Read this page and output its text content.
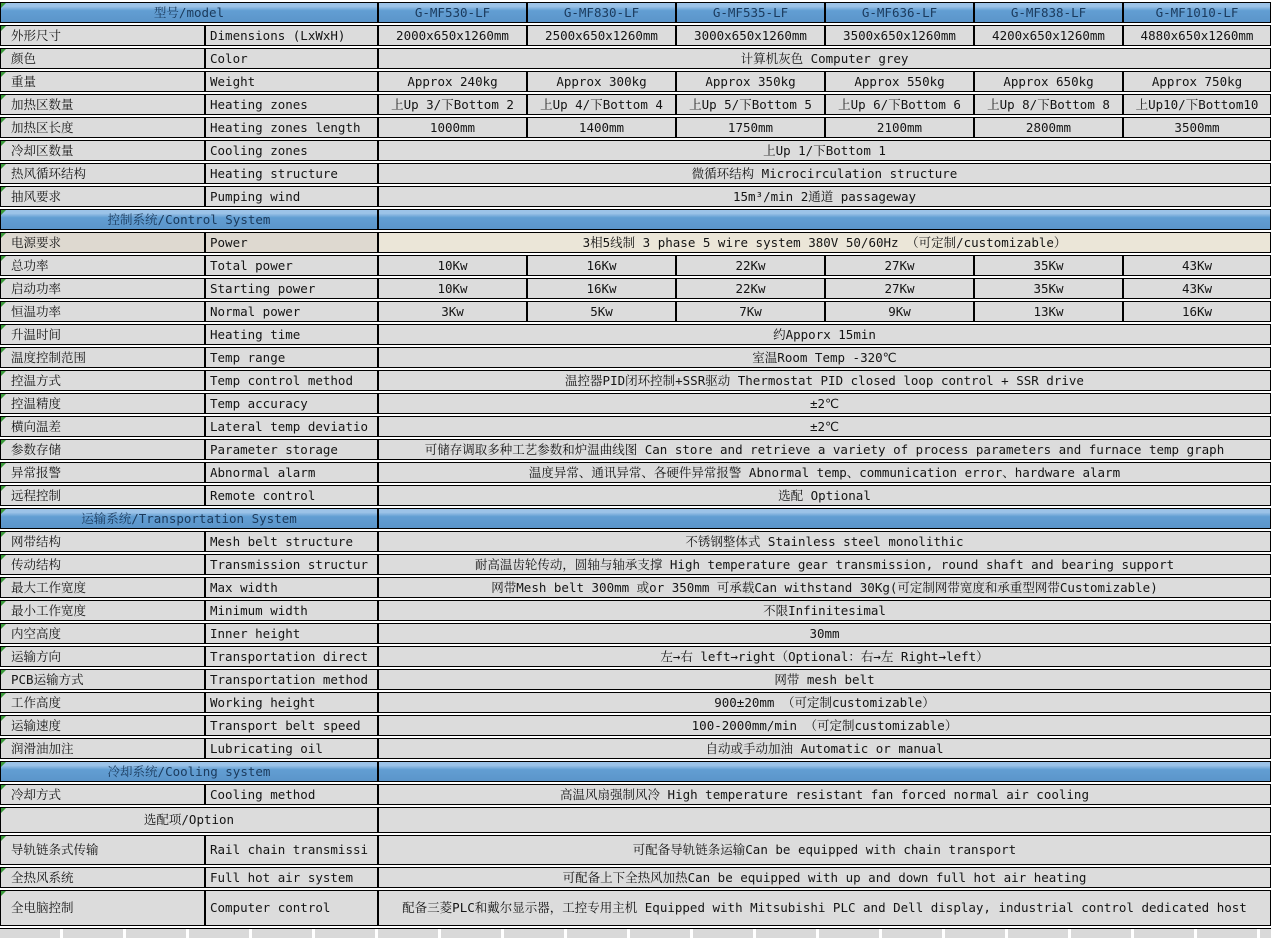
型号/model		G-MF530-LF	G-MF830-LF	G-MF535-LF	G-MF636-LF	G-MF838-LF	G-MF1010-LF
外形尺寸	Dimensions (LxWxH)	2000x650x1260mm	2500x650x1260mm	3000x650x1260mm	3500x650x1260mm	4200x650x1260mm	4880x650x1260mm
颜色	Color	计算机灰色 Computer grey					
重量	Weight	Approx 240kg	Approx 300kg	Approx 350kg	Approx 550kg	Approx 650kg	Approx 750kg
加热区数量	Heating zones	上Up 3/下Bottom 2	上Up 4/下Bottom 4	上Up 5/下Bottom 5	上Up 6/下Bottom 6	上Up 8/下Bottom 8	上Up10/下Bottom10
加热区长度	Heating zones length	1000mm	1400mm	1750mm	2100mm	2800mm	3500mm
冷却区数量	Cooling zones	上Up 1/下Bottom 1					
热风循环结构	Heating structure	微循环结构 Microcirculation structure					
抽风要求	Pumping wind	15m³/min 2通道 passageway					
控制系统/Control System							
电源要求	Power	3相5线制 3 phase 5 wire system 380V 50/60Hz （可定制/customizable）					
总功率	Total power	10Kw	16Kw	22Kw	27Kw	35Kw	43Kw
启动功率	Starting power	10Kw	16Kw	22Kw	27Kw	35Kw	43Kw
恒温功率	Normal power	3Kw	5Kw	7Kw	9Kw	13Kw	16Kw
升温时间	Heating time	约Apporx 15min					
温度控制范围	Temp range	室温Room Temp -320℃					
控温方式	Temp control method	温控器PID闭环控制+SSR驱动 Thermostat PID closed loop control + SSR drive					
控温精度	Temp accuracy	±2℃					
横向温差	Lateral temp deviatio	±2℃					
参数存储	Parameter storage	可储存调取多种工艺参数和炉温曲线图 Can store and retrieve a variety of process parameters and furnace temp graph					
异常报警	Abnormal alarm	温度异常、通讯异常、各硬件异常报警 Abnormal temp、communication error、hardware alarm					
远程控制	Remote control	选配 Optional					
运输系统/Transportation System							
网带结构	Mesh belt structure	不锈钢整体式 Stainless steel monolithic					
传动结构	Transmission structur	耐高温齿轮传动，圆轴与轴承支撑 High temperature gear transmission, round shaft and bearing support					
最大工作宽度	Max width	网带Mesh belt 300mm 或or 350mm 可承载Can withstand 30Kg(可定制网带宽度和承重型网带Customizable)					
最小工作宽度	Minimum width	不限Infinitesimal					
内空高度	Inner height	30mm					
运输方向	Transportation direct	左→右 left→right（Optional：右→左 Right→left）					
PCB运输方式	Transportation method	网带 mesh belt					
工作高度	Working height	900±20mm （可定制customizable）					
运输速度	Transport belt speed	100-2000mm/min （可定制customizable）					
润滑油加注	Lubricating oil	自动或手动加油 Automatic or manual					
冷却系统/Cooling system							
冷却方式	Cooling method	高温风扇强制风冷 High temperature resistant fan forced normal air cooling					
选配项/Option							
导轨链条式传输	Rail chain transmissi	可配备导轨链条运输Can be equipped with chain transport					
全热风系统	Full hot air system	可配备上下全热风加热Can be equipped with up and down full hot air heating					
全电脑控制	Computer control	配备三菱PLC和戴尔显示器，工控专用主机 Equipped with Mitsubishi PLC and Dell display, industrial control dedicated host					
